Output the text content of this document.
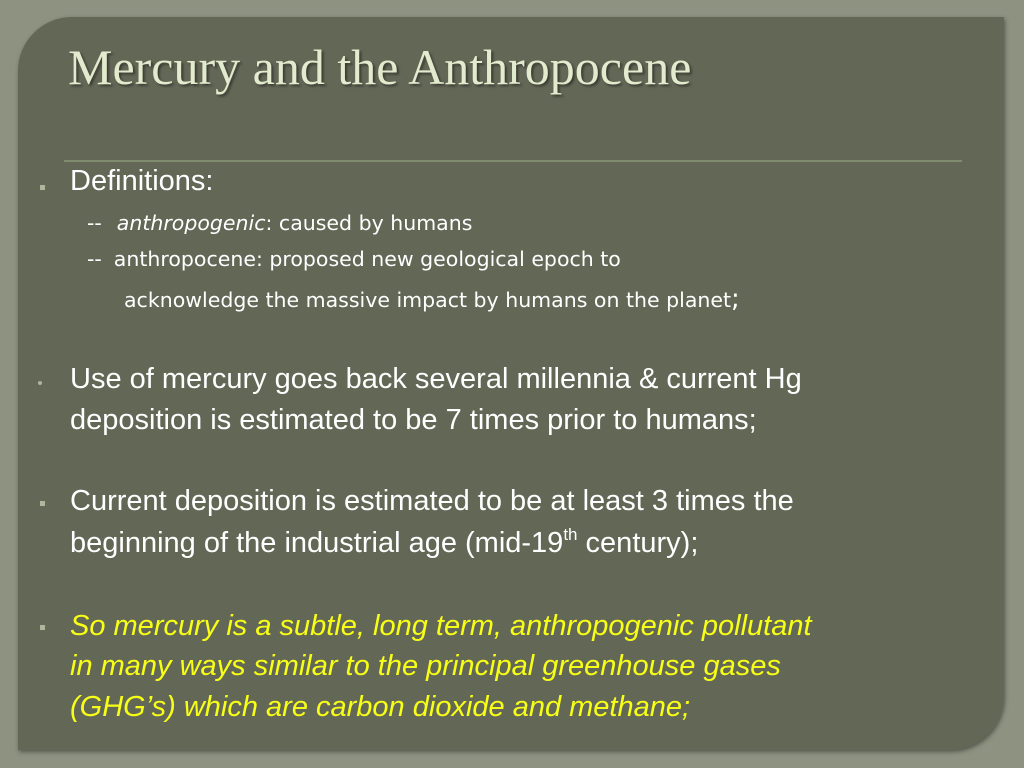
Mercury and the Anthropocene

Definitions:

-- anthropogenic: caused by humans

-- anthropocene: proposed new geological epoch to

acknowledge the massive impact by humans on the planet;

Use of mercury goes back several millennia & current Hg

deposition is estimated to be 7 times prior to humans;

Current deposition is estimated to be at least 3 times the

beginning of the industrial age (mid-19th century);

So mercury is a subtle, long term, anthropogenic pollutant

in many ways similar to the principal greenhouse gases

(GHG’s) which are carbon dioxide and methane;
